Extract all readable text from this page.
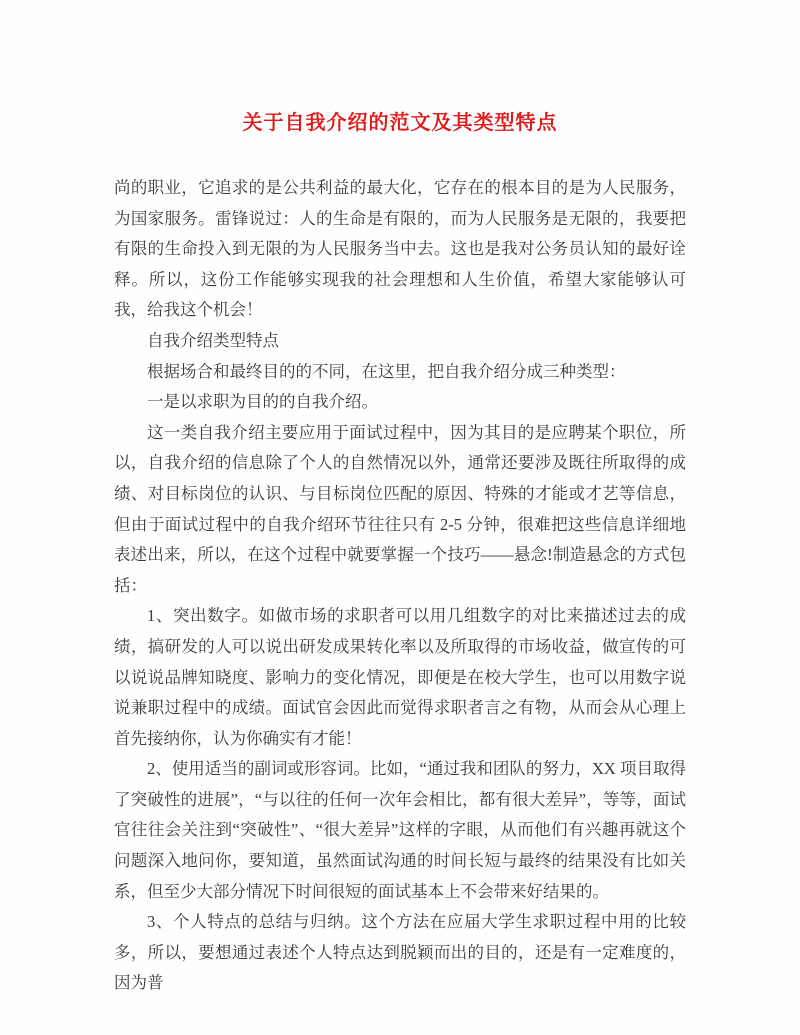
关于自我介绍的范文及其类型特点

尚的职业，它追求的是公共利益的最大化，它存在的根本目的是为人民服务，为国家服务。雷锋说过：人的生命是有限的，而为人民服务是无限的，我要把有限的生命投入到无限的为人民服务当中去。这也是我对公务员认知的最好诠释。所以，这份工作能够实现我的社会理想和人生价值，希望大家能够认可我，给我这个机会！

自我介绍类型特点

根据场合和最终目的的不同，在这里，把自我介绍分成三种类型：

一是以求职为目的的自我介绍。

这一类自我介绍主要应用于面试过程中，因为其目的是应聘某个职位，所以，自我介绍的信息除了个人的自然情况以外，通常还要涉及既往所取得的成绩、对目标岗位的认识、与目标岗位匹配的原因、特殊的才能或才艺等信息，但由于面试过程中的自我介绍环节往往只有 2-5 分钟，很难把这些信息详细地表述出来，所以，在这个过程中就要掌握一个技巧——悬念!制造悬念的方式包括：

1、突出数字。如做市场的求职者可以用几组数字的对比来描述过去的成绩，搞研发的人可以说出研发成果转化率以及所取得的市场收益，做宣传的可以说说品牌知晓度、影响力的变化情况，即便是在校大学生，也可以用数字说说兼职过程中的成绩。面试官会因此而觉得求职者言之有物，从而会从心理上首先接纳你，认为你确实有才能！

2、使用适当的副词或形容词。比如，“通过我和团队的努力，XX 项目取得了突破性的进展”，“与以往的任何一次年会相比，都有很大差异”，等等，面试官往往会关注到“突破性”、“很大差异”这样的字眼，从而他们有兴趣再就这个问题深入地问你，要知道，虽然面试沟通的时间长短与最终的结果没有比如关系，但至少大部分情况下时间很短的面试基本上不会带来好结果的。

3、个人特点的总结与归纳。这个方法在应届大学生求职过程中用的比较多，所以，要想通过表述个人特点达到脱颖而出的目的，还是有一定难度的，因为普
